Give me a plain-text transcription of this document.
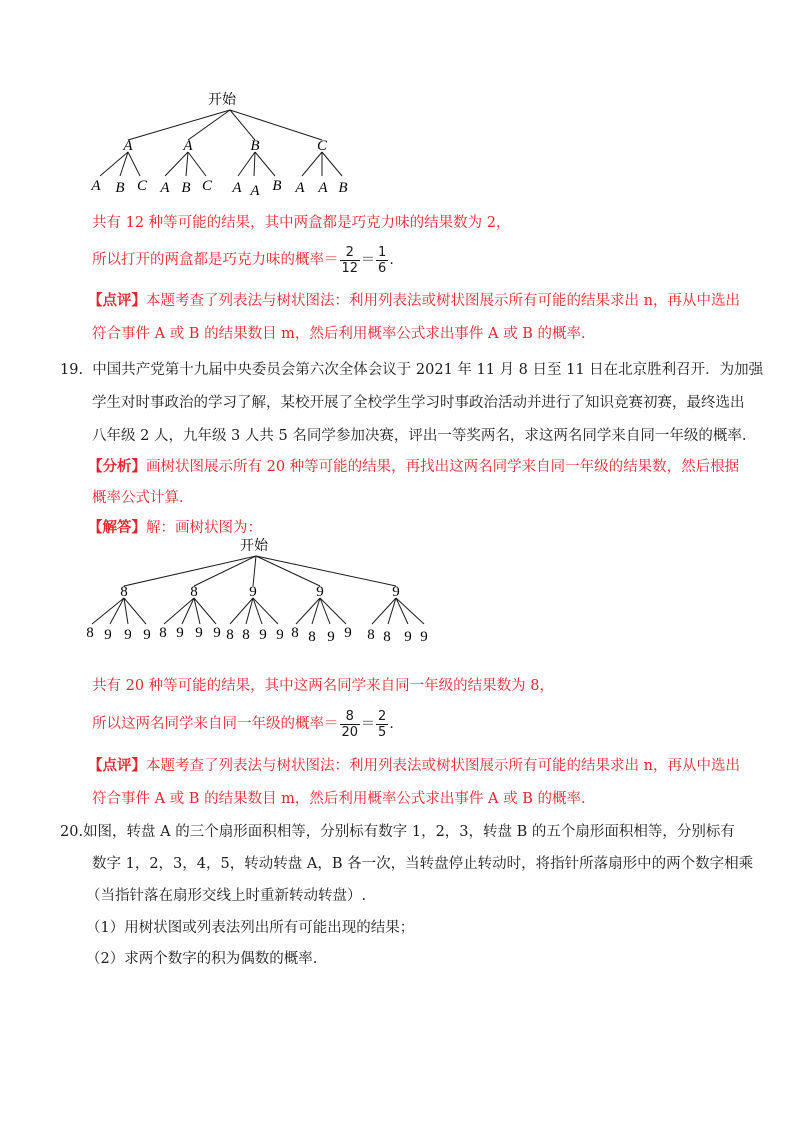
开始
A	A	B	C
A B C A B C A A B A A B
共有 12 种等可能的结果，其中两盒都是巧克力味的结果数为 2，
所以打开的两盒都是巧克力味的概率＝ $\frac{2}{12} = \frac{1}{6}$ .
【点评】本题考查了列表法与树状图法：利用列表法或树状图展示所有可能的结果求出 n，再从中选出
符合事件 A 或 B 的结果数目 m，然后利用概率公式求出事件 A 或 B 的概率.
19. 中国共产党第十九届中央委员会第六次全体会议于 2021 年 11 月 8 日至 11 日在北京胜利召开．为加强
学生对时事政治的学习了解，某校开展了全校学生学习时事政治活动并进行了知识竞赛初赛，最终选出
八年级 2 人，九年级 3 人共 5 名同学参加决赛，评出一等奖两名，求这两名同学来自同一年级的概率.
【分析】画树状图展示所有 20 种等可能的结果，再找出这两名同学来自同一年级的结果数，然后根据
概率公式计算.
【解答】解：画树状图为：
开始
8	8	9	9	9
8 9 9 9 8 9 9 9 8 8 9 9 8 8 9 9 8 8 9 9
共有 20 种等可能的结果，其中这两名同学来自同一年级的结果数为 8，
所以这两名同学来自同一年级的概率＝ $\frac{8}{20} = \frac{2}{5}$ .
【点评】本题考查了列表法与树状图法：利用列表法或树状图展示所有可能的结果求出 n，再从中选出
符合事件 A 或 B 的结果数目 m，然后利用概率公式求出事件 A 或 B 的概率.
20.如图，转盘 A 的三个扇形面积相等，分别标有数字 1，2，3，转盘 B 的五个扇形面积相等，分别标有
数字 1，2，3，4，5，转动转盘 A，B 各一次，当转盘停止转动时，将指针所落扇形中的两个数字相乘
（当指针落在扇形交线上时重新转动转盘）.
（1）用树状图或列表法列出所有可能出现的结果；
（2）求两个数字的积为偶数的概率.
